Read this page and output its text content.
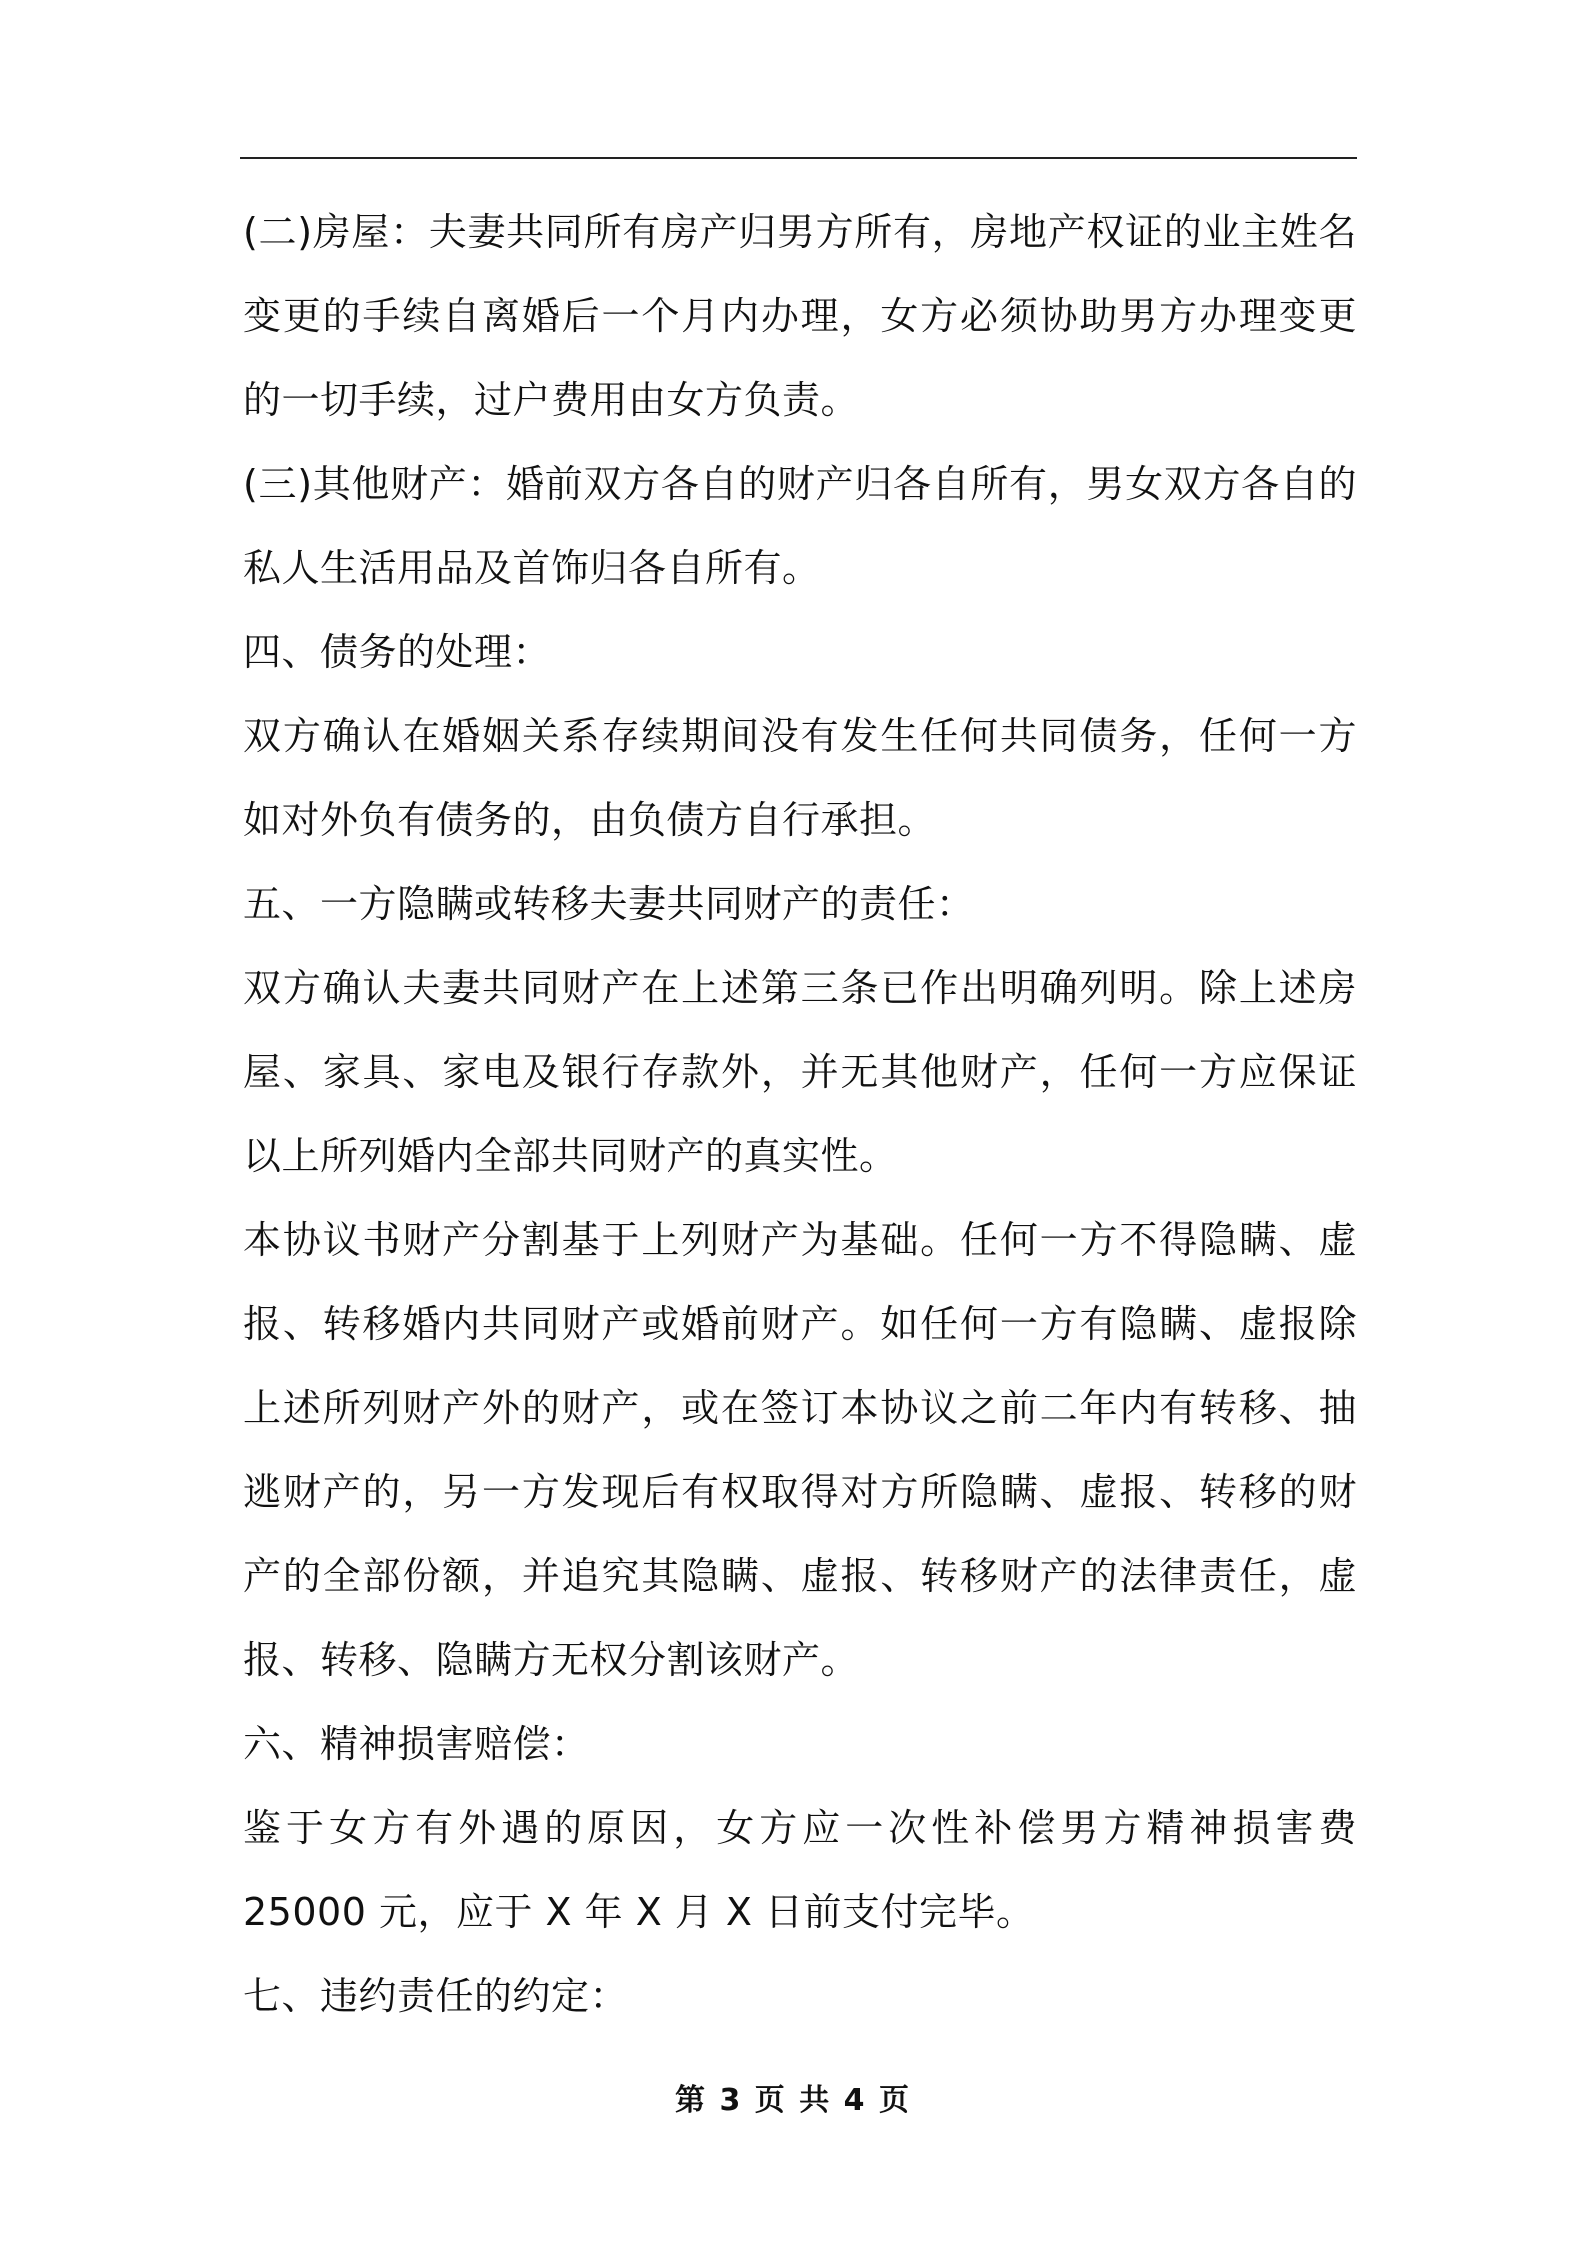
(二)房屋：夫妻共同所有房产归男方所有，房地产权证的业主姓名变更的手续自离婚后一个月内办理，女方必须协助男方办理变更的一切手续，过户费用由女方负责。

(三)其他财产：婚前双方各自的财产归各自所有，男女双方各自的私人生活用品及首饰归各自所有。

四、债务的处理：

双方确认在婚姻关系存续期间没有发生任何共同债务，任何一方如对外负有债务的，由负债方自行承担。

五、一方隐瞒或转移夫妻共同财产的责任：

双方确认夫妻共同财产在上述第三条已作出明确列明。除上述房屋、家具、家电及银行存款外，并无其他财产，任何一方应保证以上所列婚内全部共同财产的真实性。

本协议书财产分割基于上列财产为基础。任何一方不得隐瞒、虚报、转移婚内共同财产或婚前财产。如任何一方有隐瞒、虚报除上述所列财产外的财产，或在签订本协议之前二年内有转移、抽逃财产的，另一方发现后有权取得对方所隐瞒、虚报、转移的财产的全部份额，并追究其隐瞒、虚报、转移财产的法律责任，虚报、转移、隐瞒方无权分割该财产。

六、精神损害赔偿：

鉴于女方有外遇的原因，女方应一次性补偿男方精神损害费 25000 元，应于 X 年 X 月 X 日前支付完毕。

七、违约责任的约定：

第 3 页 共 4 页
